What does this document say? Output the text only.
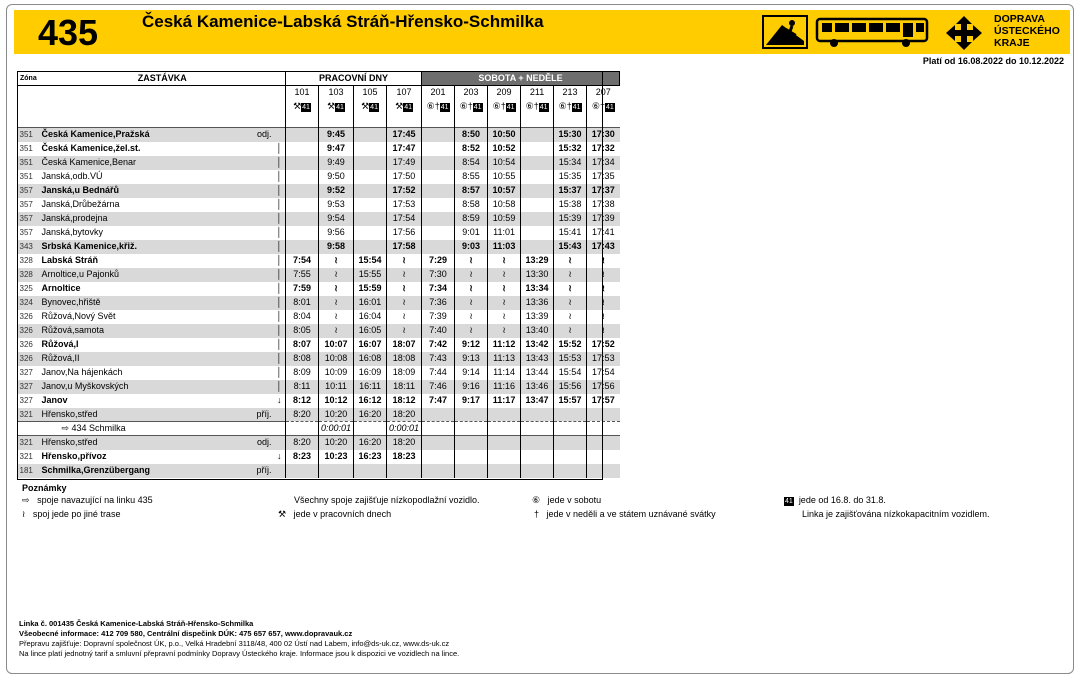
435	Česká Kamenice-Labská Stráň-Hřensko-Schmilka	DOPRAVA
ÚSTECKÉHO
KRAJE
Platí od 16.08.2022 do 10.12.2022
Zóna	ZASTÁVKA			PRACOVNÍ DNY				SOBOTA + NEDĚLE					
				101	103	105	107	201	203	209	211	213	207
				⚒41	⚒41	⚒41	⚒41	⑥†41	⑥†41	⑥†41	⑥†41	⑥†41	⑥†41

351	Česká Kamenice,Pražská	odj.			9:45		17:45		8:50	10:50		15:30	17:30
351	Česká Kamenice,žel.st.		│		9:47		17:47		8:52	10:52		15:32	17:32
351	Česká Kamenice,Benar		│		9:49		17:49		8:54	10:54		15:34	17:34
351	Janská,odb.VÚ		│		9:50		17:50		8:55	10:55		15:35	17:35
357	Janská,u Bednářů		│		9:52		17:52		8:57	10:57		15:37	17:37
357	Janská,Drůbežárna		│		9:53		17:53		8:58	10:58		15:38	17:38
357	Janská,prodejna		│		9:54		17:54		8:59	10:59		15:39	17:39
357	Janská,bytovky		│		9:56		17:56		9:01	11:01		15:41	17:41
343	Srbská Kamenice,křiž.		│		9:58		17:58		9:03	11:03		15:43	17:43
328	Labská Stráň		│	7:54	≀	15:54	≀	7:29	≀	≀	13:29	≀	≀
328	Arnoltice,u Pajonků		│	7:55	≀	15:55	≀	7:30	≀	≀	13:30	≀	≀
325	Arnoltice		│	7:59	≀	15:59	≀	7:34	≀	≀	13:34	≀	≀
324	Bynovec,hřiště		│	8:01	≀	16:01	≀	7:36	≀	≀	13:36	≀	≀
326	Růžová,Nový Svět		│	8:04	≀	16:04	≀	7:39	≀	≀	13:39	≀	≀
326	Růžová,samota		│	8:05	≀	16:05	≀	7:40	≀	≀	13:40	≀	≀
326	Růžová,I		│	8:07	10:07	16:07	18:07	7:42	9:12	11:12	13:42	15:52	17:52
326	Růžová,II		│	8:08	10:08	16:08	18:08	7:43	9:13	11:13	13:43	15:53	17:53
327	Janov,Na hájenkách		│	8:09	10:09	16:09	18:09	7:44	9:14	11:14	13:44	15:54	17:54
327	Janov,u Myškovských		│	8:11	10:11	16:11	18:11	7:46	9:16	11:16	13:46	15:56	17:56
327	Janov		↓	8:12	10:12	16:12	18:12	7:47	9:17	11:17	13:47	15:57	17:57
321	Hřensko,střed	příj.		8:20	10:20	16:20	18:20						
	⇨ 434 Schmilka				0:00:01		0:00:01						
321	Hřensko,střed	odj.		8:20	10:20	16:20	18:20						
321	Hřensko,přívoz		↓	8:23	10:23	16:23	18:23						
181	Schmilka,Grenzübergang	příj.											
Poznámky
⇨ spoje navazující na linku 435
≀ spoj jede po jiné trase
Všechny spoje zajišťuje nízkopodlažní vozidlo.
⚒ jede v pracovních dnech
⑥ jede v sobotu
† jede v neděli a ve státem uznávané svátky
41 jede od 16.8. do 31.8.
Linka je zajišťována nízkokapacitním vozidlem.
Linka č. 001435 Česká Kamenice-Labská Stráň-Hřensko-Schmilka
Všeobecné informace: 412 709 580, Centrální dispečink DÚK: 475 657 657, www.dopravauk.cz
Přepravu zajišťuje: Dopravní společnost ÚK, p.o., Velká Hradební 3118/48, 400 02 Ústí nad Labem, info@ds-uk.cz, www.ds-uk.cz
Na lince platí jednotný tarif a smluvní přepravní podmínky Dopravy Ústeckého kraje. Informace jsou k dispozici ve vozidlech na lince.
